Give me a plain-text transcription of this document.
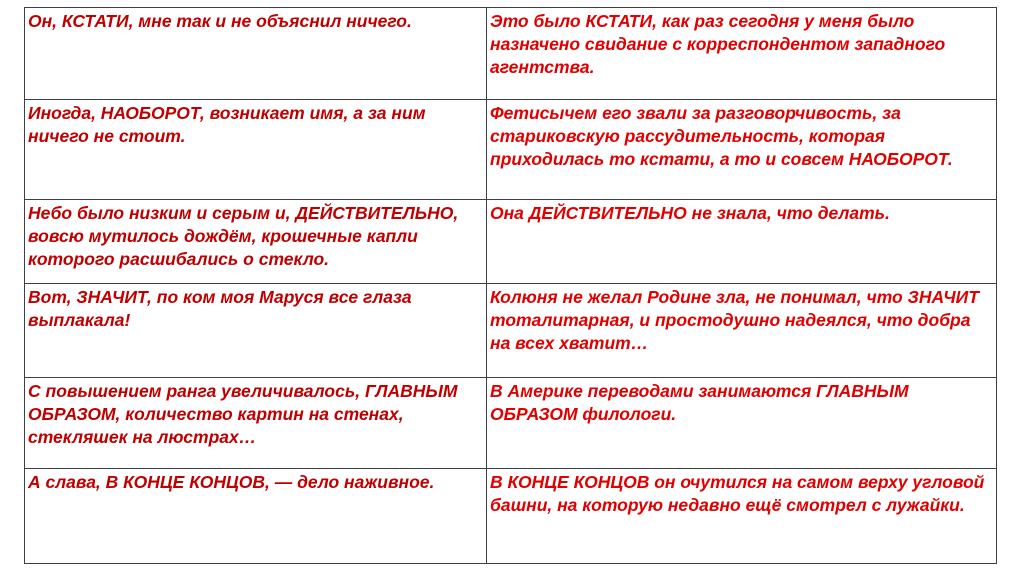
Он, КСТАТИ, мне так и не объяснил ничего.	Это было КСТАТИ, как раз сегодня у меня было назначено свидание с корреспондентом западного агентства.
Иногда, НАОБОРОТ, возникает имя, а за ним ничего не стоит.	Фетисычем его звали за разговорчивость, за стариковскую рассудительность, которая приходилась то кстати, а то и совсем НАОБОРОТ.
Небо было низким и серым и, ДЕЙСТВИТЕЛЬНО, вовсю мутилось дождём, крошечные капли которого расшибались о стекло.	Она ДЕЙСТВИТЕЛЬНО не знала, что делать.
Вот, ЗНАЧИТ, по ком моя Маруся все глаза выплакала!	Колюня не желал Родине зла, не понимал, что ЗНАЧИТ тоталитарная, и простодушно надеялся, что добра на всех хватит…
С повышением ранга увеличивалось, ГЛАВНЫМ ОБРАЗОМ, количество картин на стенах, стекляшек на люстрах…	В Америке переводами занимаются ГЛАВНЫМ ОБРАЗОМ филологи.
А слава, В КОНЦЕ КОНЦОВ, — дело наживное.	В КОНЦЕ КОНЦОВ он очутился на самом верху угловой башни, на которую недавно ещё смотрел с лужайки.
